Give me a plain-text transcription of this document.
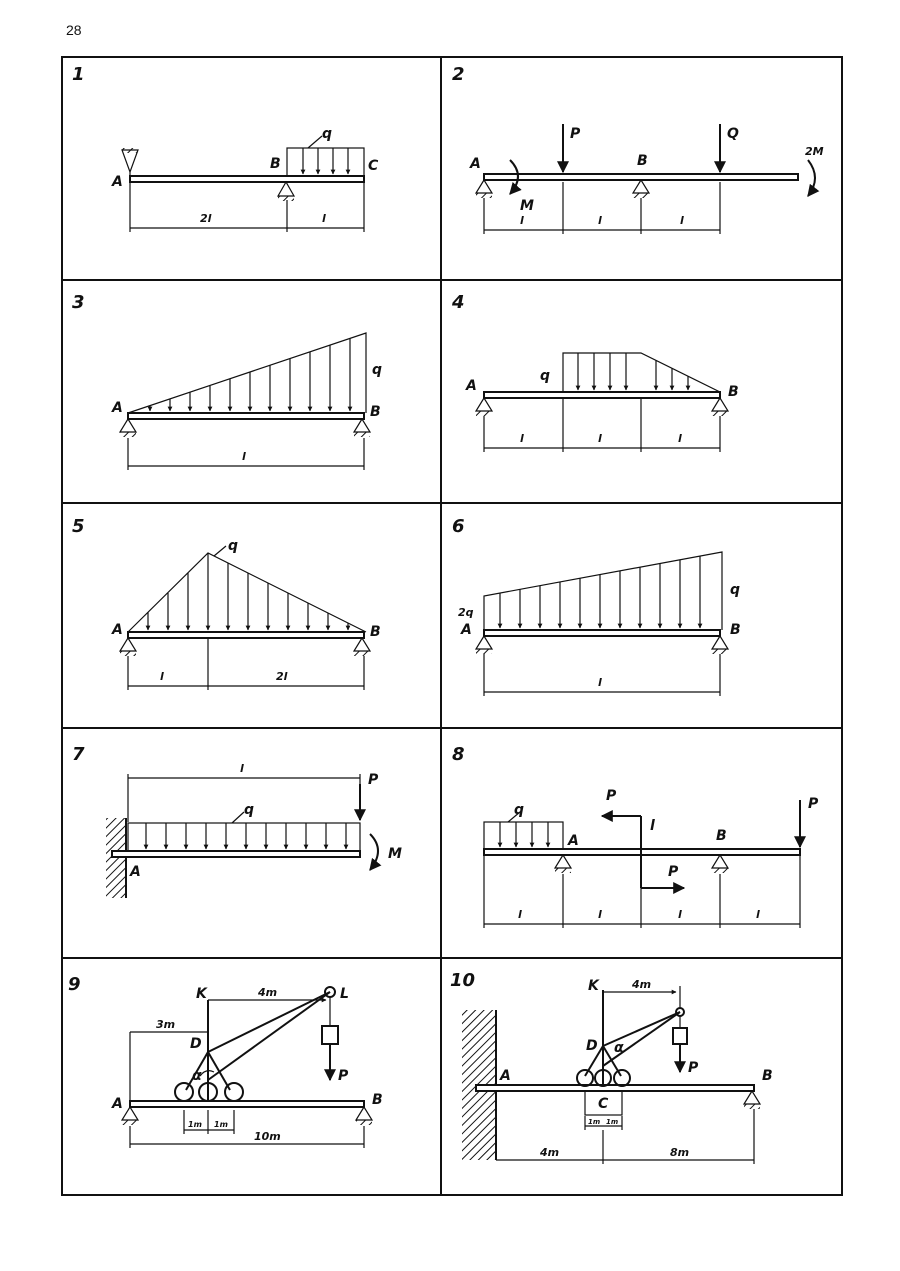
28
1
A
B	C
q
2l	l
2
A	B
P	Q
M
2M
l	l	l
3
A	B
q
l
4
A	B
q
l	l	l
5
A	B
q
l	2l
6
A	B
q
2q
l
7
A
P
q
M
l
8
A	B
P
P
P
q
l
l	l	l	l
9
A	B
K	L
D
α	P
4m
3m
1m 1m
10m
10
A	B
K
D
C
α
P
4m
1m 1m
4m	8m
